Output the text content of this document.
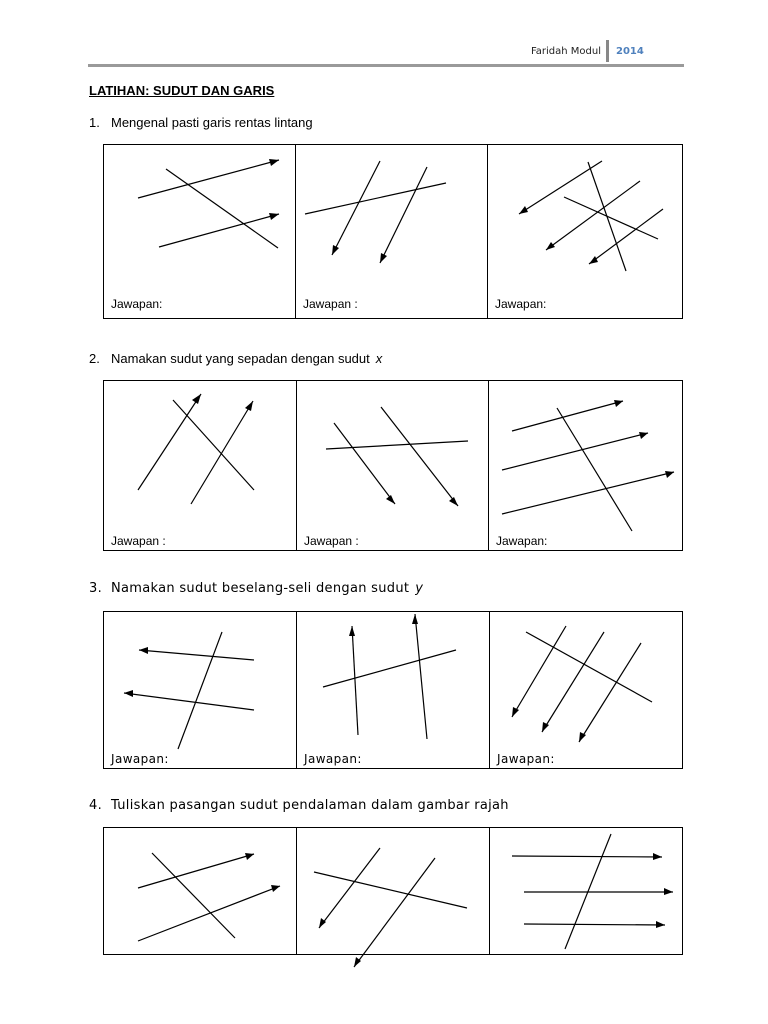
Faridah Modul 2014
LATIHAN: SUDUT DAN GARIS
1. Mengenal pasti garis rentas lintang
Jawapan:	Jawapan :	Jawapan:
2. Namakan sudut yang sepadan dengan sudut x
Jawapan :	Jawapan :	Jawapan:
3. Namakan sudut beselang-seli dengan sudut y
Jawapan:	Jawapan:	Jawapan:
4. Tuliskan pasangan sudut pendalaman dalam gambar rajah
